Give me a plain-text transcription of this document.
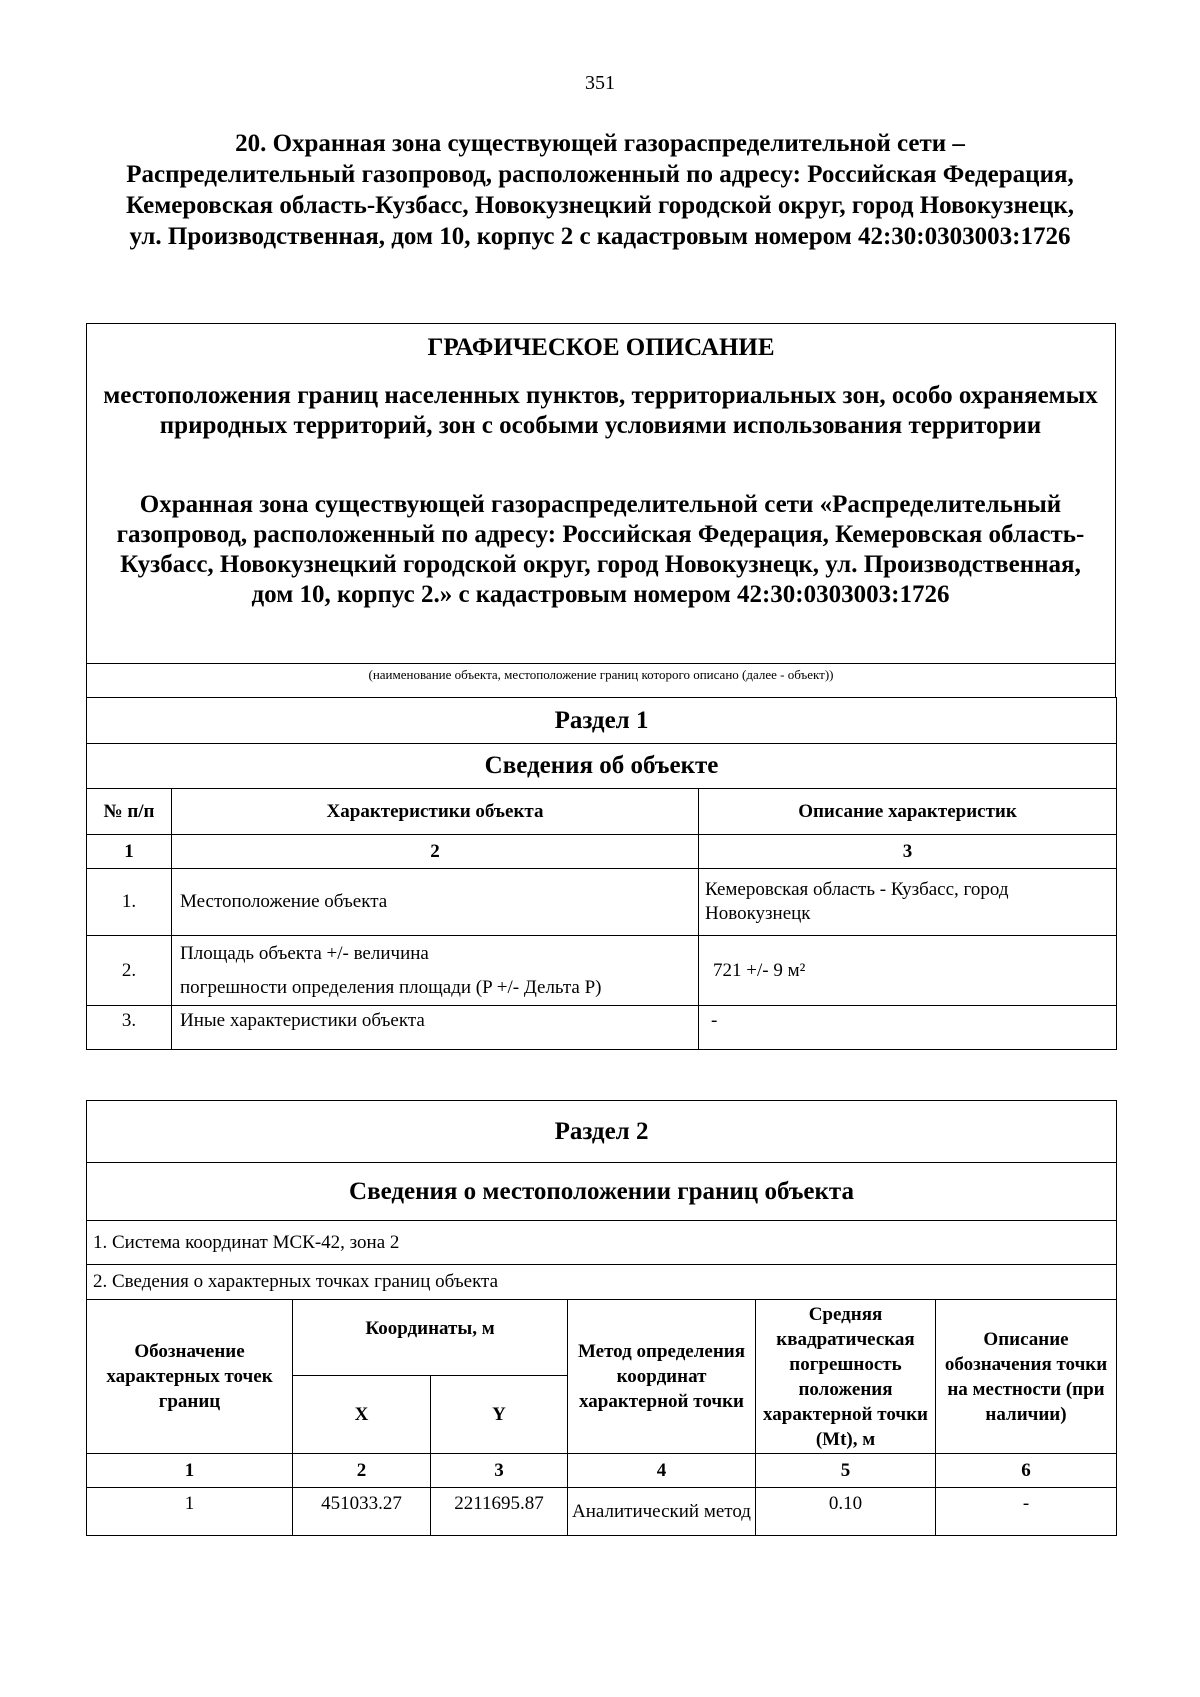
351
20. Охранная зона существующей газораспределительной сети – Распределительный газопровод, расположенный по адресу: Российская Федерация, Кемеровская область-Кузбасс, Новокузнецкий городской округ, город Новокузнецк, ул. Производственная, дом 10, корпус 2 с кадастровым номером 42:30:0303003:1726
ГРАФИЧЕСКОЕ ОПИСАНИЕ
местоположения границ населенных пунктов, территориальных зон, особо охраняемых природных территорий, зон с особыми условиями использования территории
Охранная зона существующей газораспределительной сети «Распределительный газопровод, расположенный по адресу: Российская Федерация, Кемеровская область-Кузбасс, Новокузнецкий городской округ, город Новокузнецк, ул. Производственная, дом 10, корпус 2.» с кадастровым номером 42:30:0303003:1726
(наименование объекта, местоположение границ которого описано (далее - объект))
Раздел 1		
Сведения об объекте		
№ п/п	Характеристики объекта	Описание характеристик
1	2	3
1.	Местоположение объекта	Кемеровская область - Кузбасс, город Новокузнецк
2.	Площадь объекта +/- величина
погрешности определения площади (P +/- Дельта P)	721 +/- 9 м²
3.	Иные характеристики объекта	-
Раздел 2					
Сведения о местоположении границ объекта					
1. Система координат МСК-42, зона 2					
2. Сведения о характерных точках границ объекта					
Обозначение характерных точек границ	Координаты, м		Метод определения координат характерной точки	Средняя квадратическая погрешность положения характерной точки (Mt), м	Описание обозначения точки на местности (при наличии)
	X	Y			
1	2	3	4	5	6
1	451033.27	2211695.87	Аналитический метод	0.10	-
